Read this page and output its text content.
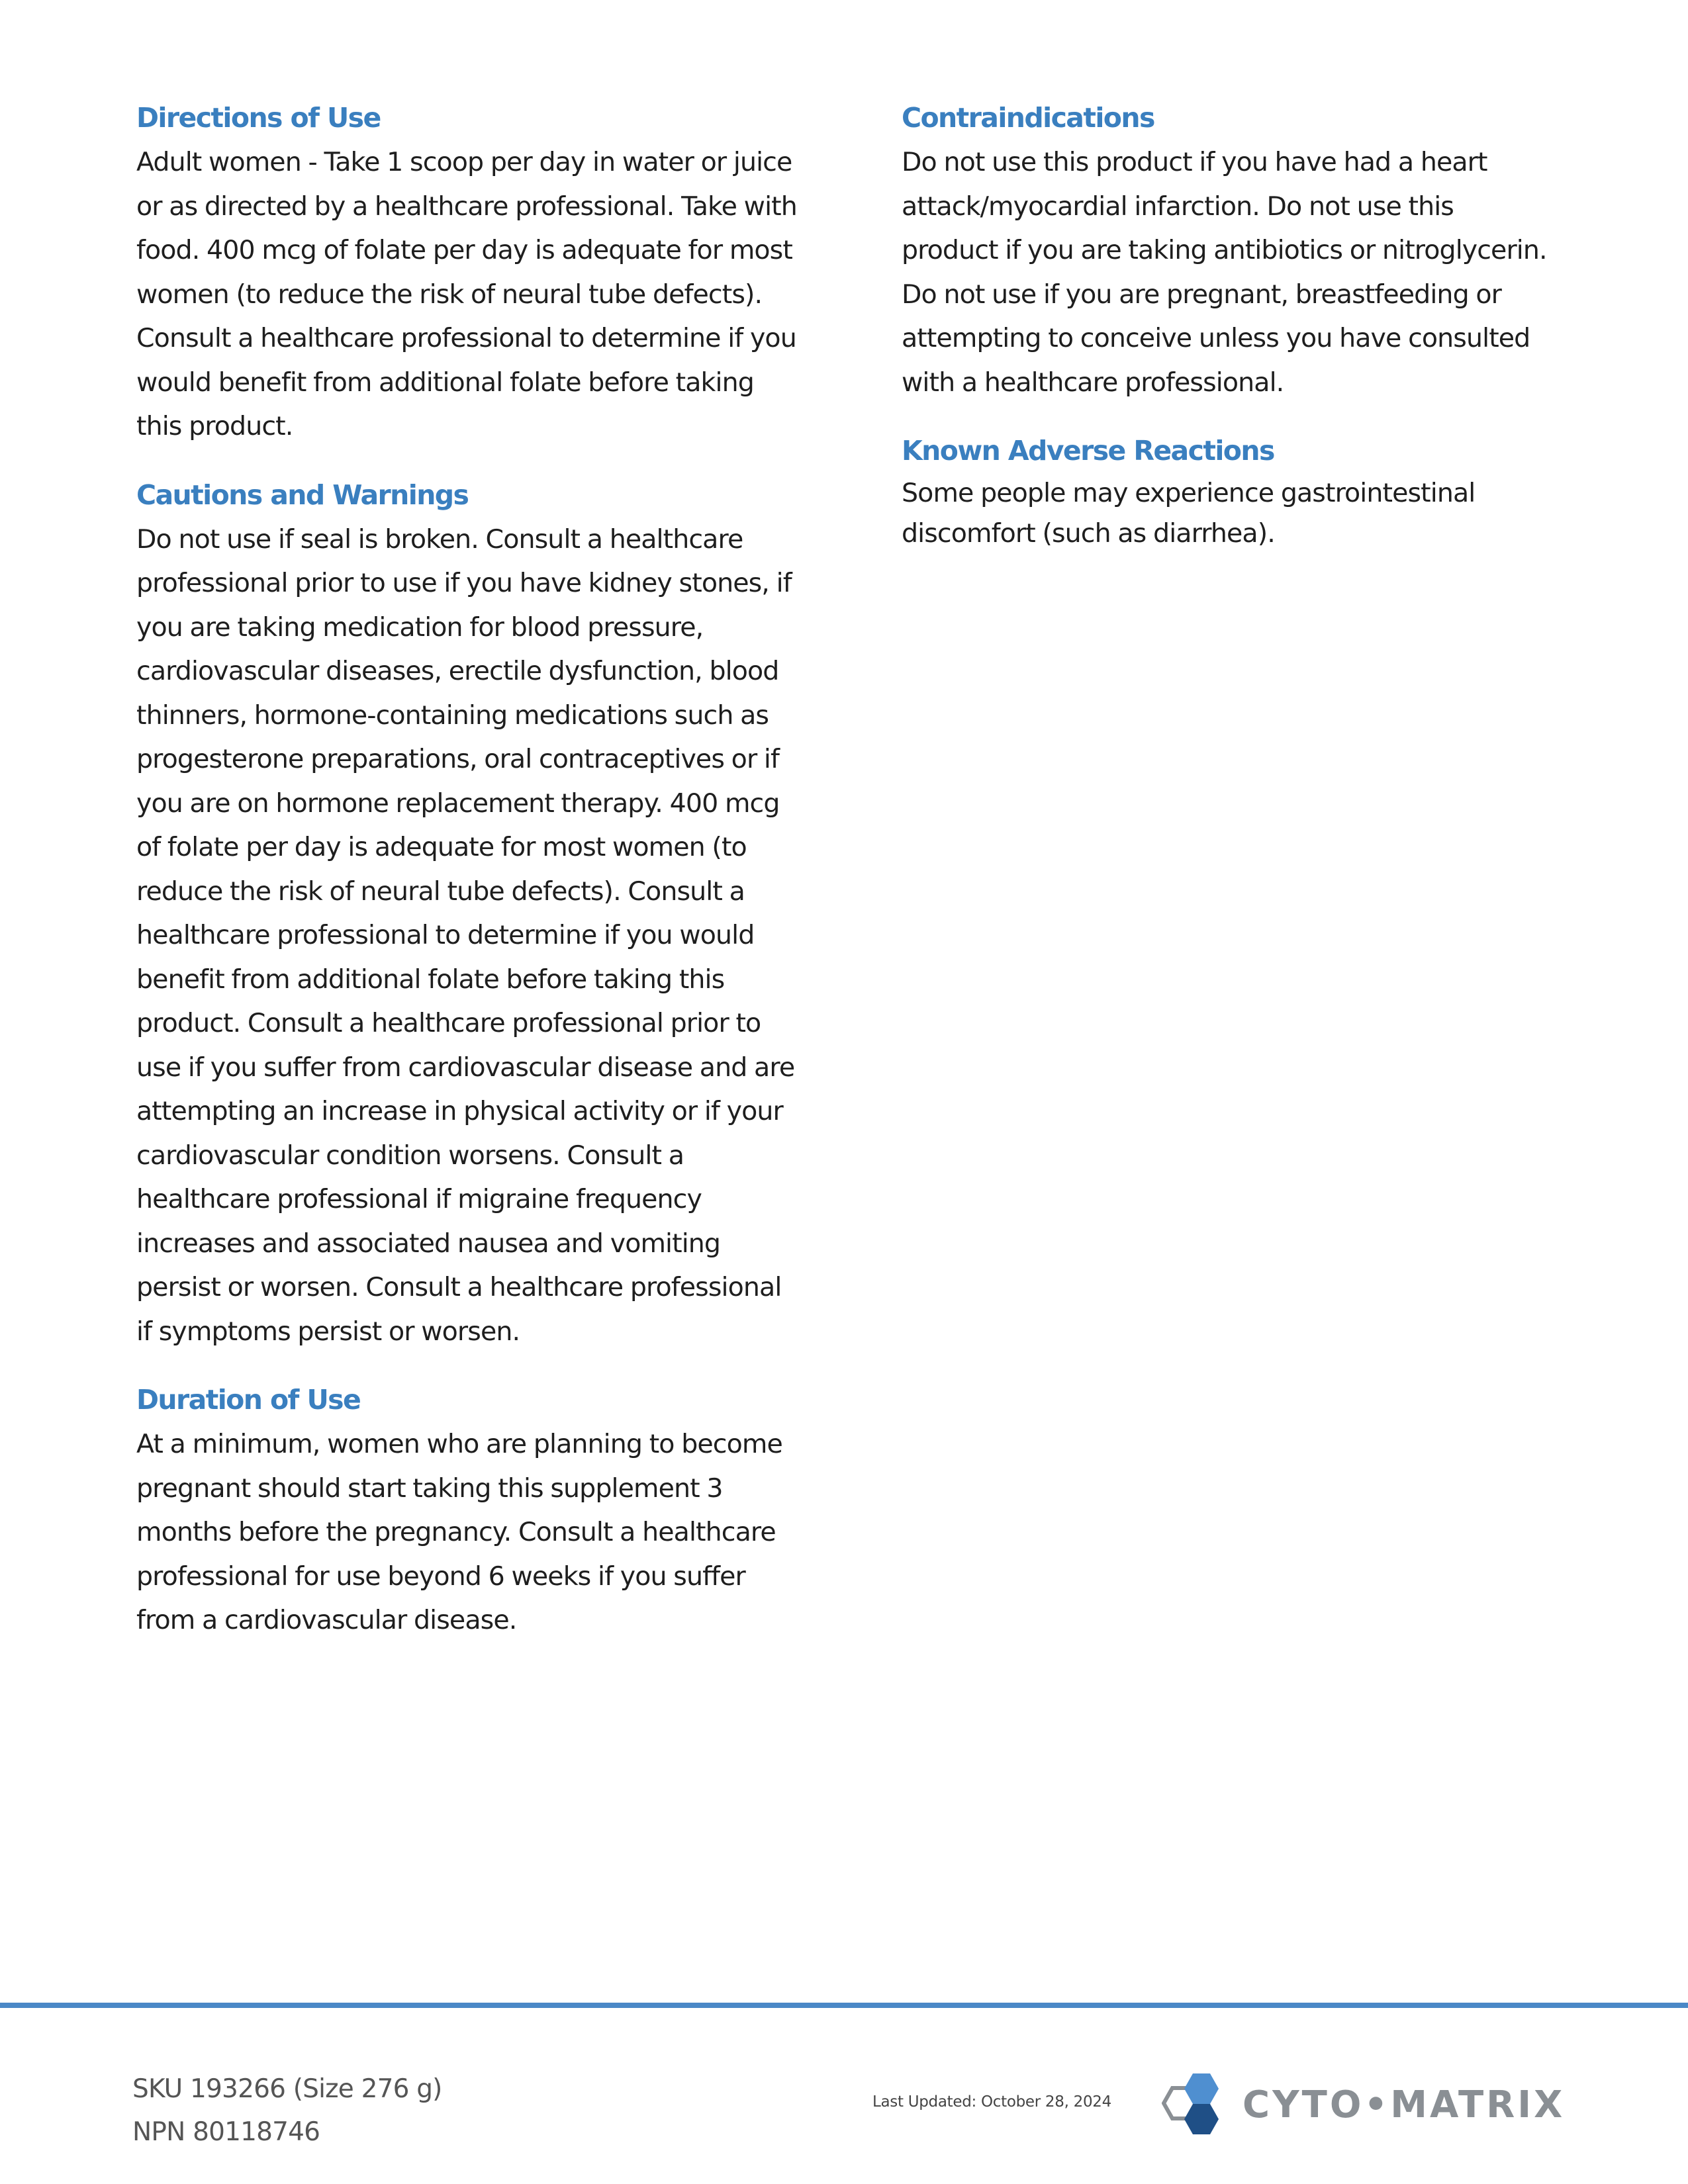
Directions of Use

Adult women - Take 1 scoop per day in water or juice or as directed by a healthcare professional. Take with food. 400 mcg of folate per day is adequate for most women (to reduce the risk of neural tube defects). Consult a healthcare professional to determine if you would benefit from additional folate before taking this product.

Cautions and Warnings

Do not use if seal is broken. Consult a healthcare professional prior to use if you have kidney stones, if you are taking medication for blood pressure, cardiovascular diseases, erectile dysfunction, blood thinners, hormone-containing medications such as progesterone preparations, oral contraceptives or if you are on hormone replacement therapy. 400 mcg of folate per day is adequate for most women (to reduce the risk of neural tube defects). Consult a healthcare professional to determine if you would benefit from additional folate before taking this product. Consult a healthcare professional prior to use if you suffer from cardiovascular disease and are attempting an increase in physical activity or if your cardiovascular condition worsens. Consult a healthcare professional if migraine frequency increases and associated nausea and vomiting persist or worsen. Consult a healthcare professional if symptoms persist or worsen.

Duration of Use

At a minimum, women who are planning to become pregnant should start taking this supplement 3 months before the pregnancy. Consult a healthcare professional for use beyond 6 weeks if you suffer from a cardiovascular disease.

Contraindications

Do not use this product if you have had a heart attack/myocardial infarction. Do not use this product if you are taking antibiotics or nitroglycerin. Do not use if you are pregnant, breastfeeding or attempting to conceive unless you have consulted with a healthcare professional.

Known Adverse Reactions

Some people may experience gastrointestinal discomfort (such as diarrhea).

SKU 193266 (Size 276 g)
NPN 80118746
Last Updated: October 28, 2024	CYTO•MATRIX
